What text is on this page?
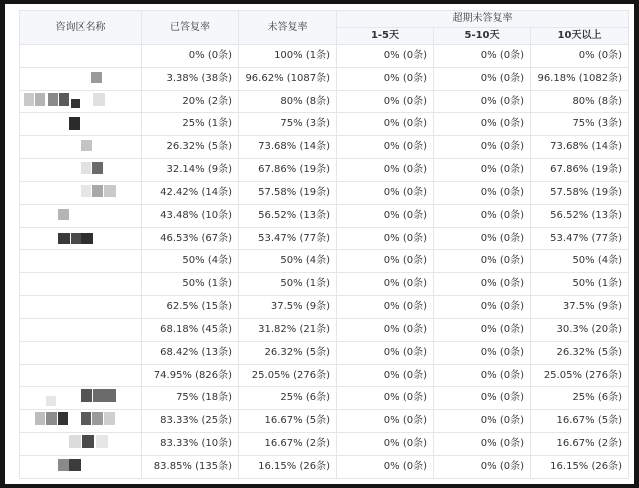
咨询区名称	已答复率	未答复率	超期未答复率		
			1-5天	5-10天	10天以上
	0% (0条)	100% (1条)	0% (0条)	0% (0条)	0% (0条)

	3.38% (38条)	96.62% (1087条)	0% (0条)	0% (0条)	96.18% (1082条)

	20% (2条)	80% (8条)	0% (0条)	0% (0条)	80% (8条)

	25% (1条)	75% (3条)	0% (0条)	0% (0条)	75% (3条)

	26.32% (5条)	73.68% (14条)	0% (0条)	0% (0条)	73.68% (14条)

	32.14% (9条)	67.86% (19条)	0% (0条)	0% (0条)	67.86% (19条)

	42.42% (14条)	57.58% (19条)	0% (0条)	0% (0条)	57.58% (19条)

	43.48% (10条)	56.52% (13条)	0% (0条)	0% (0条)	56.52% (13条)

	46.53% (67条)	53.47% (77条)	0% (0条)	0% (0条)	53.47% (77条)
	50% (4条)	50% (4条)	0% (0条)	0% (0条)	50% (4条)
	50% (1条)	50% (1条)	0% (0条)	0% (0条)	50% (1条)
	62.5% (15条)	37.5% (9条)	0% (0条)	0% (0条)	37.5% (9条)
	68.18% (45条)	31.82% (21条)	0% (0条)	0% (0条)	30.3% (20条)
	68.42% (13条)	26.32% (5条)	0% (0条)	0% (0条)	26.32% (5条)
	74.95% (826条)	25.05% (276条)	0% (0条)	0% (0条)	25.05% (276条)

	75% (18条)	25% (6条)	0% (0条)	0% (0条)	25% (6条)

	83.33% (25条)	16.67% (5条)	0% (0条)	0% (0条)	16.67% (5条)

	83.33% (10条)	16.67% (2条)	0% (0条)	0% (0条)	16.67% (2条)

	83.85% (135条)	16.15% (26条)	0% (0条)	0% (0条)	16.15% (26条)
